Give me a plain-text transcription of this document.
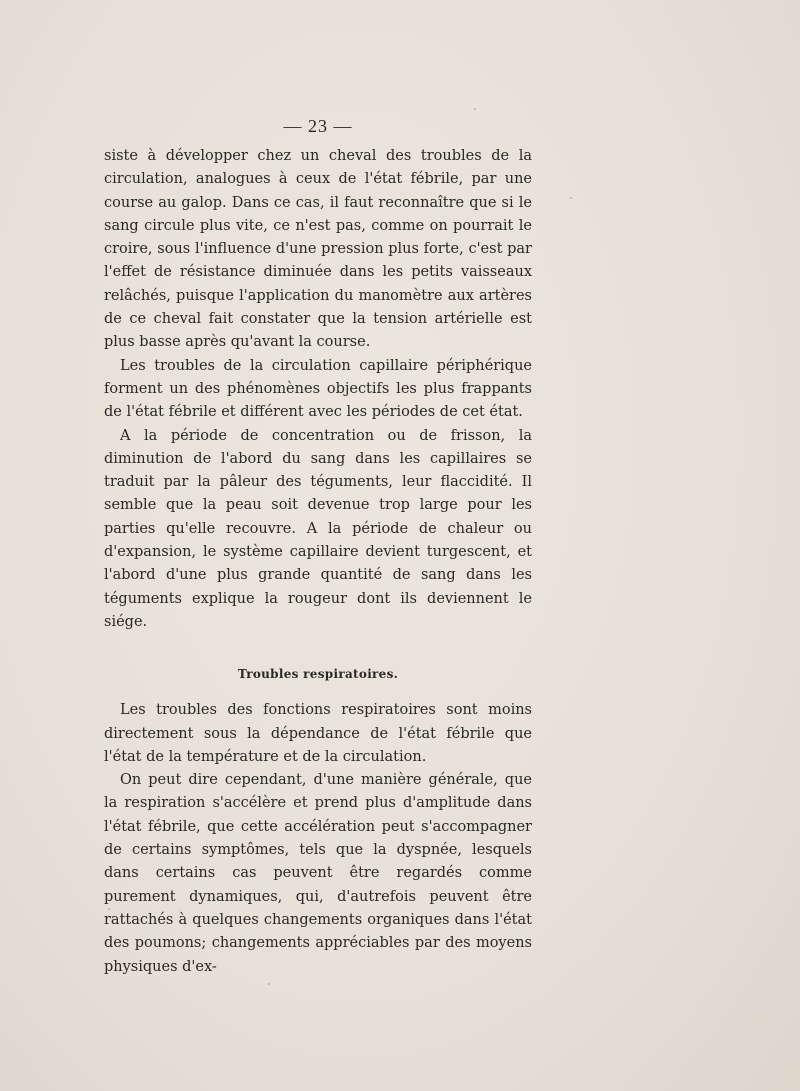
— 23 —

siste à développer chez un cheval des troubles de la circulation, analogues à ceux de l'état fébrile, par une course au galop. Dans ce cas, il faut reconnaître que si le sang circule plus vite, ce n'est pas, comme on pourrait le croire, sous l'influence d'une pression plus forte, c'est par l'effet de résistance diminuée dans les petits vaisseaux relâchés, puisque l'application du manomètre aux artères de ce cheval fait constater que la tension artérielle est plus basse après qu'avant la course.

Les troubles de la circulation capillaire périphérique forment un des phénomènes objectifs les plus frappants de l'état fébrile et différent avec les périodes de cet état.

A la période de concentration ou de frisson, la diminution de l'abord du sang dans les capillaires se traduit par la pâleur des téguments, leur flaccidité. Il semble que la peau soit devenue trop large pour les parties qu'elle recouvre. A la période de chaleur ou d'expansion, le système capillaire devient turgescent, et l'abord d'une plus grande quantité de sang dans les téguments explique la rougeur dont ils deviennent le siége.

Troubles respiratoires.

Les troubles des fonctions respiratoires sont moins directement sous la dépendance de l'état fébrile que l'état de la température et de la circulation.

On peut dire cependant, d'une manière générale, que la respiration s'accélère et prend plus d'amplitude dans l'état fébrile, que cette accélération peut s'accompagner de certains symptômes, tels que la dyspnée, lesquels dans certains cas peuvent être regardés comme purement dynamiques, qui, d'autrefois peuvent être rattachés à quelques changements organiques dans l'état des poumons; changements appréciables par des moyens physiques d'ex-
